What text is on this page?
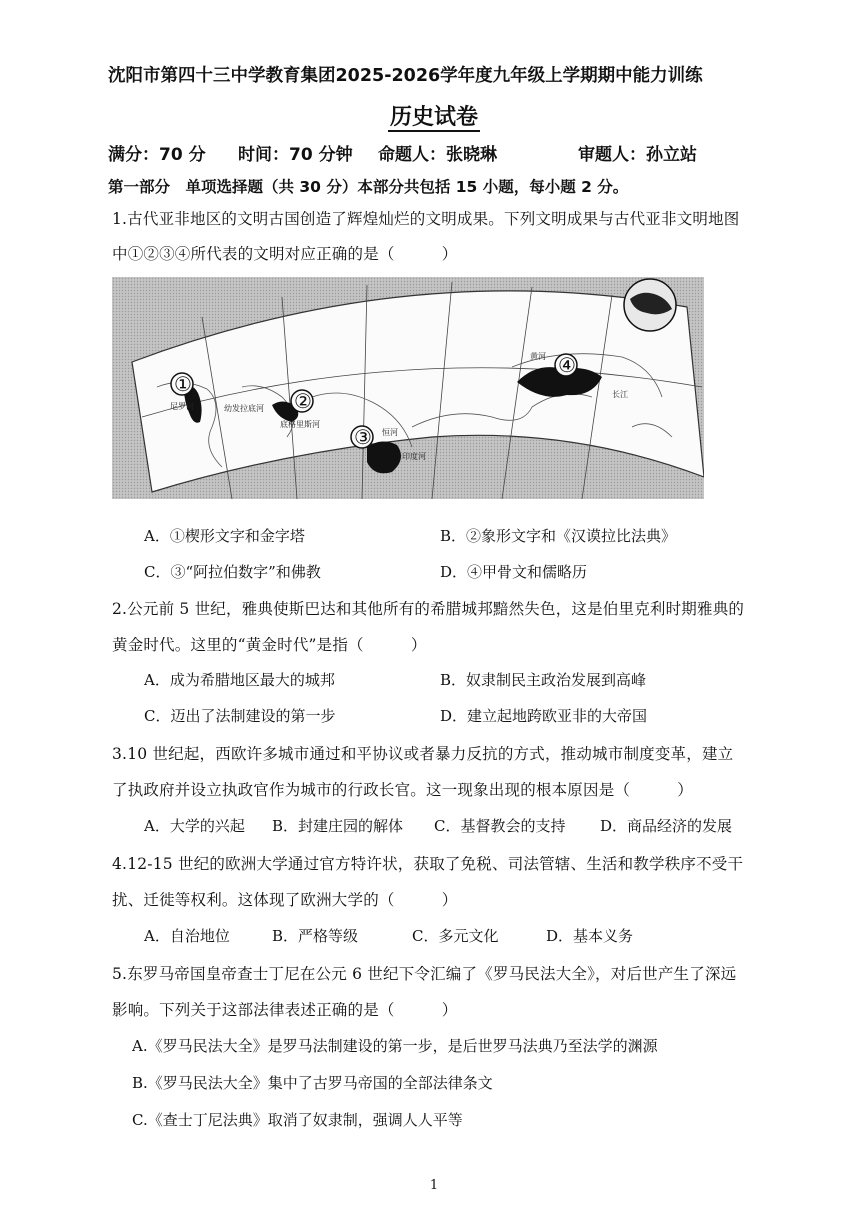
沈阳市第四十三中学教育集团2025-2026学年度九年级上学期期中能力训练
历史试卷
满分：70 分 时间：70 分钟 命题人：张晓琳	审题人：孙立站
第一部分　单项选择题（共 30 分）本部分共包括 15 小题，每小题 2 分。
1.古代亚非地区的文明古国创造了辉煌灿烂的文明成果。下列文明成果与古代亚非文明地图
中①②③④所代表的文明对应正确的是（　　　）
①
②
③
④
尼罗河	幼发拉底河
底格里斯河
恒河
印度河
黄河
长江
A．①楔形文字和金字塔	B．②象形文字和《汉谟拉比法典》
C．③“阿拉伯数字”和佛教	D．④甲骨文和儒略历
2.公元前 5 世纪，雅典使斯巴达和其他所有的希腊城邦黯然失色，这是伯里克利时期雅典的
黄金时代。这里的“黄金时代”是指（　　　）
A．成为希腊地区最大的城邦	B．奴隶制民主政治发展到高峰
C．迈出了法制建设的第一步	D．建立起地跨欧亚非的大帝国
3.10 世纪起，西欧许多城市通过和平协议或者暴力反抗的方式，推动城市制度变革，建立
了执政府并设立执政官作为城市的行政长官。这一现象出现的根本原因是（　　　）
A．大学的兴起 B．封建庄园的解体 C．基督教会的支持 D．商品经济的发展
4.12-15 世纪的欧洲大学通过官方特许状，获取了免税、司法管辖、生活和教学秩序不受干
扰、迁徙等权利。这体现了欧洲大学的（　　　）
A．自治地位	B．严格等级	C．多元文化	D．基本义务
5.东罗马帝国皇帝查士丁尼在公元 6 世纪下令汇编了《罗马民法大全》，对后世产生了深远
影响。下列关于这部法律表述正确的是（　　　）
A.《罗马民法大全》是罗马法制建设的第一步，是后世罗马法典乃至法学的渊源
B.《罗马民法大全》集中了古罗马帝国的全部法律条文
C.《查士丁尼法典》取消了奴隶制，强调人人平等
1
